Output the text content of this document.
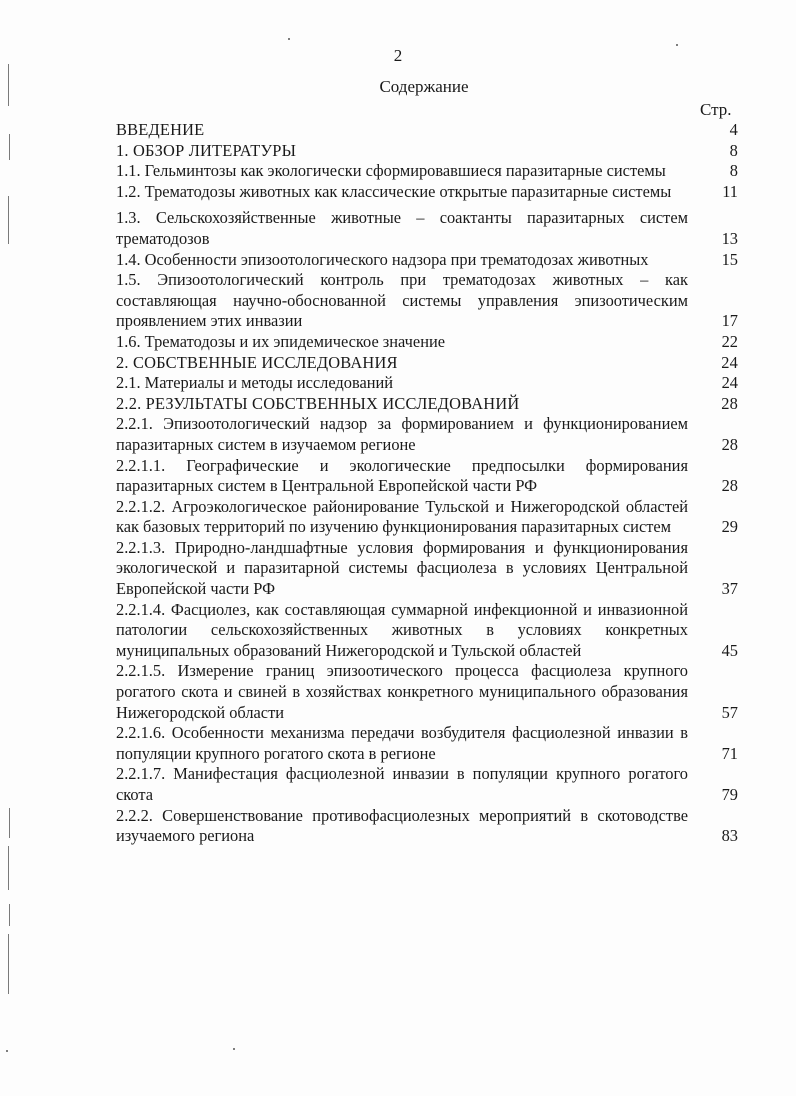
2
Содержание
Стр.
ВВЕДЕНИЕ	4
1. ОБЗОР ЛИТЕРАТУРЫ	8
1.1. Гельминтозы как экологически сформировавшиеся паразитарные системы	8
1.2. Трематодозы животных как классические открытые паразитарные системы	11
1.3. Сельскохозяйственные животные – соактанты паразитарных систем трематодозов	13
1.4. Особенности эпизоотологического надзора при трематодозах животных	15
1.5. Эпизоотологический контроль при трематодозах животных – как составляющая научно-обоснованной системы управления эпизоотическим проявлением этих инвазии	17
1.6. Трематодозы и их эпидемическое значение	22
2. СОБСТВЕННЫЕ ИССЛЕДОВАНИЯ	24
2.1. Материалы и методы исследований	24
2.2. РЕЗУЛЬТАТЫ СОБСТВЕННЫХ ИССЛЕДОВАНИЙ	28
2.2.1. Эпизоотологический надзор за формированием и функционированием паразитарных систем в изучаемом регионе	28
2.2.1.1. Географические и экологические предпосылки формирования паразитарных систем в Центральной Европейской части РФ	28
2.2.1.2. Агроэкологическое районирование Тульской и Нижегородской областей как базовых территорий по изучению функционирования паразитарных систем	29
2.2.1.3. Природно-ландшафтные условия формирования и функционирования экологической и паразитарной системы фасциолеза в условиях Центральной Европейской части РФ	37
2.2.1.4. Фасциолез, как составляющая суммарной инфекционной и инвазионной патологии сельскохозяйственных животных в условиях конкретных муниципальных образований Нижегородской и Тульской областей	45
2.2.1.5. Измерение границ эпизоотического процесса фасциолеза крупного рогатого скота и свиней в хозяйствах конкретного муниципального образования Нижегородской области	57
2.2.1.6. Особенности механизма передачи возбудителя фасциолезной инвазии в популяции крупного рогатого скота в регионе	71
2.2.1.7. Манифестация фасциолезной инвазии в популяции крупного рогатого скота	79
2.2.2. Совершенствование противофасциолезных мероприятий в скотоводстве изучаемого региона	83
